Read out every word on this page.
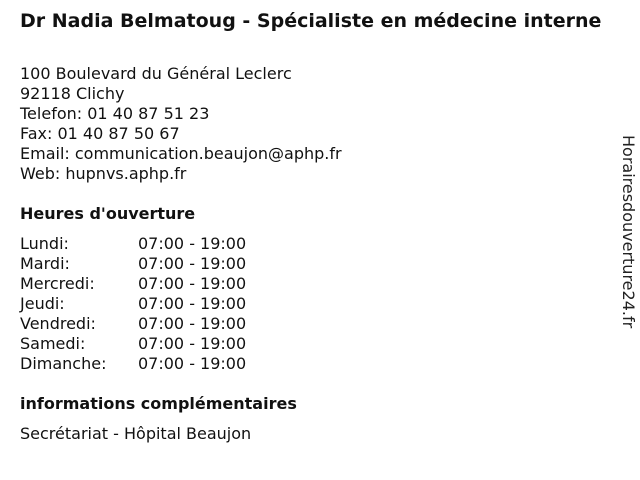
Dr Nadia Belmatoug - Spécialiste en médecine interne
100 Boulevard du Général Leclerc
92118 Clichy
Telefon: 01 40 87 51 23
Fax: 01 40 87 50 67
Email: communication.beaujon@aphp.fr
Web: hupnvs.aphp.fr
Heures d'ouverture
Lundi:	07:00 - 19:00
Mardi:	07:00 - 19:00
Mercredi:	07:00 - 19:00
Jeudi:	07:00 - 19:00
Vendredi:	07:00 - 19:00
Samedi:	07:00 - 19:00
Dimanche: 07:00 - 19:00
informations complémentaires
Secrétariat - Hôpital Beaujon
Horairesdouverture24.fr
